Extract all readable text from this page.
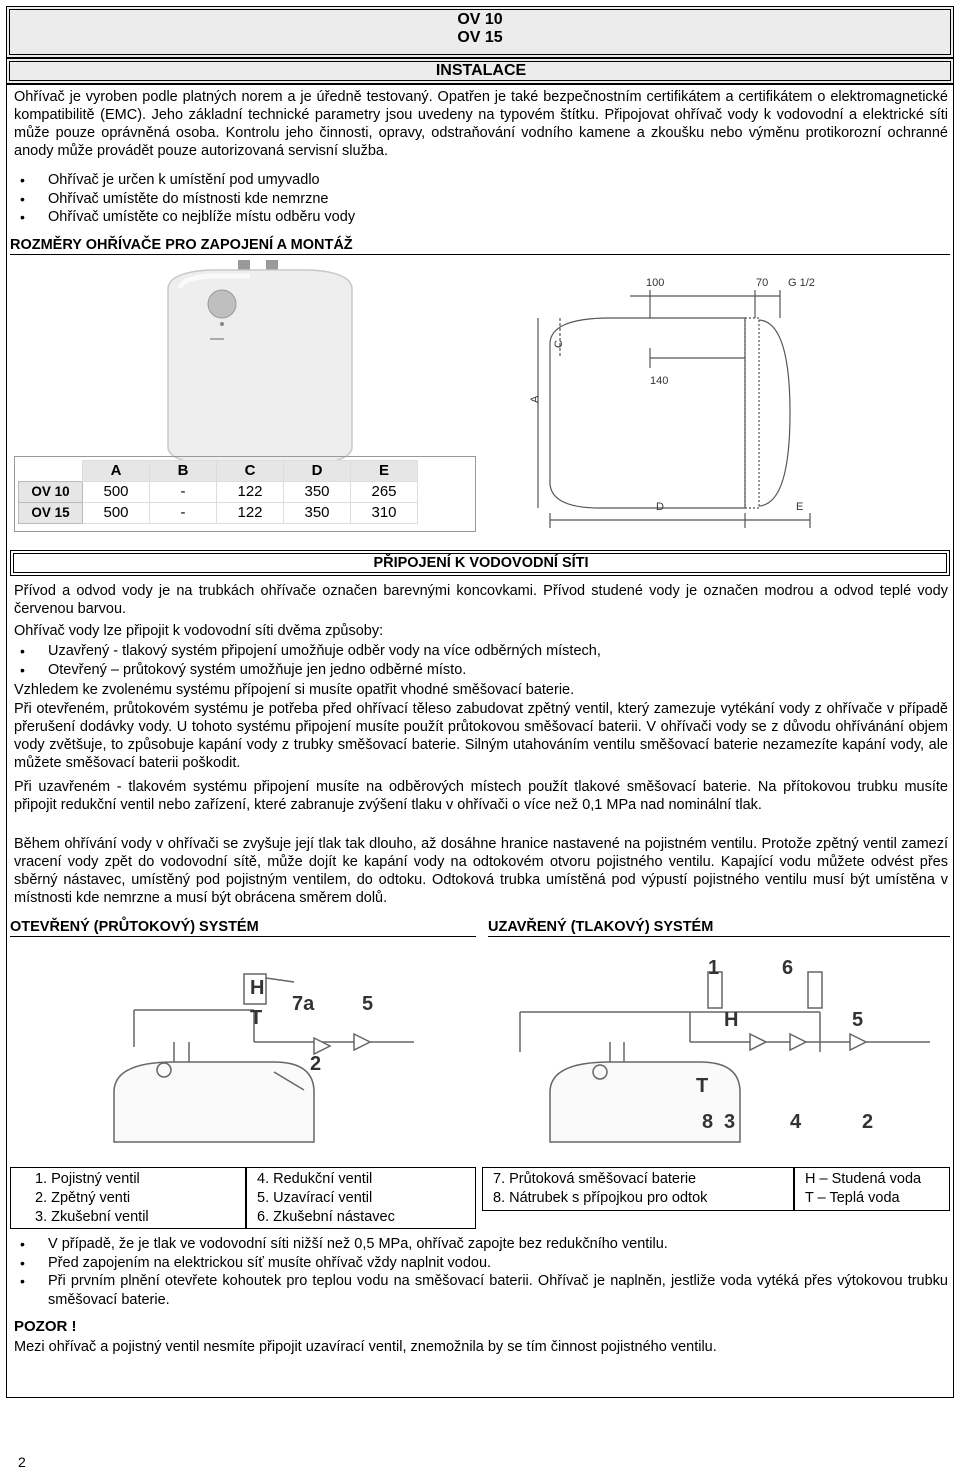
OV 10
OV 15
INSTALACE

Ohřívač je vyroben podle platných norem a je úředně testovaný. Opatřen je také bezpečnostním certifikátem a certifikátem o elektromagnetické kompatibilitě (EMC). Jeho základní technické parametry jsou uvedeny na typovém štítku. Připojovat ohřívač vody k vodovodní a elektrické síti může pouze oprávněná osoba. Kontrolu jeho činnosti, opravy, odstraňování vodního kamene a zkoušku nebo výměnu protikorozní ochranné anody může provádět pouze autorizovaná servisní služba.

• Ohřívač je určen k umístění pod umyvadlo
• Ohřívač umístěte do místnosti kde nemrzne
• Ohřívač umístěte co nejblíže místu odběru vody
ROZMĚRY OHŘÍVAČE PRO ZAPOJENÍ A MONTÁŽ
100	70 G 1/2
C
140
A
D	E
	A	B	C	D	E
OV 10	500	-	122	350	265
OV 15	500	-	122	350	310
PŘIPOJENÍ K VODOVODNÍ SÍTI

Přívod a odvod vody je na trubkách ohřívače označen barevnými koncovkami. Přívod studené vody je označen modrou a odvod teplé vody červenou barvou.

Ohřívač vody lze připojit k vodovodní síti dvěma způsoby:

• Uzavřený - tlakový systém připojení umožňuje odběr vody na více odběrných místech,
• Otevřený – průtokový systém umožňuje jen jedno odběrné místo.

Vzhledem ke zvolenému systému přípojení si musíte opatřit vhodné směšovací baterie.

Při otevřeném, průtokovém systému je potřeba před ohřívací těleso zabudovat zpětný ventil, který zamezuje vytékání vody z ohřívače v případě přerušení dodávky vody. U tohoto systému připojení musíte použít průtokovou směšovací baterii. V ohřívači vody se z důvodu ohřívánání objem vody zvětšuje, to způsobuje kapání vody z trubky směšovací baterie. Silným utahováním ventilu směšovací baterie nezamezíte kapání vody, ale můžete směšovací baterii poškodit.

Při uzavřeném - tlakovém systému připojení musíte na odběrových místech použít tlakové směšovací baterie. Na přítokovou trubku musíte připojit redukční ventil nebo zařízení, které zabranuje zvýšení tlaku v ohřívači o více než 0,1 MPa nad nominální tlak.

Během ohřívání vody v ohřívači se zvyšuje její tlak tak dlouho, až dosáhne hranice nastavené na pojistném ventilu. Protože zpětný ventil zamezí vracení vody zpět do vodovodní sítě, může dojít ke kapání vody na odtokovém otvoru pojistného ventilu. Kapající vodu můžete odvést přes sběrný nástavec, umístěný pod pojistným ventilem, do odtoku. Odtoková trubka umístěná pod výpustí pojistného ventilu musí být umístěna v místnosti kde nemrzne a musí být obrácena směrem dolů.

OTEVŘENÝ (PRŮTOKOVÝ) SYSTÉM	UZAVŘENÝ (TLAKOVÝ) SYSTÉM
H
7a 5
T
2
1	6
H	5
T
8 3	4	2
1. Pojistný ventil
2. Zpětný venti
3. Zkušební ventil
4. Redukční ventil
5. Uzavírací ventil
6. Zkušební nástavec
7. Průtoková směšovací baterie
8. Nátrubek s přípojkou pro odtok
H – Studená voda
T – Teplá voda
• V případě, že je tlak ve vodovodní síti nižší než 0,5 MPa, ohřívač zapojte bez redukčního ventilu.
• Před zapojením na elektrickou síť musíte ohřívač vždy naplnit vodou.
• Při prvním plnění otevřete kohoutek pro teplou vodu na směšovací baterii. Ohřívač je naplněn, jestliže voda vytéká přes výtokovou trubku směšovací baterie.
POZOR !

Mezi ohřívač a pojistný ventil nesmíte připojit uzavírací ventil, znemožnila by se tím činnost pojistného ventilu.

2
